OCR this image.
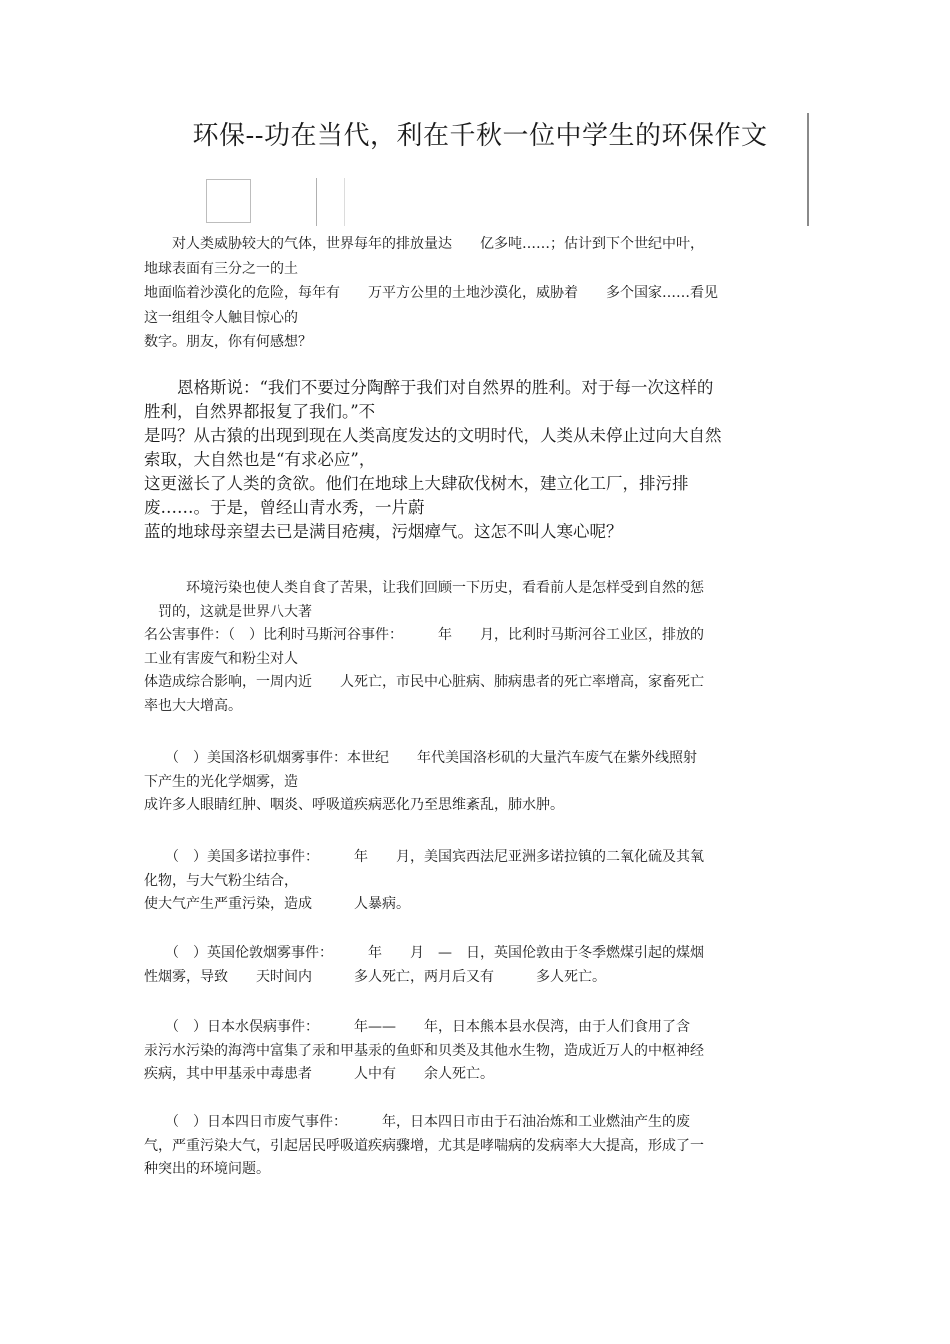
环保--功在当代，利在千秋一位中学生的环保作文
　　对人类威胁较大的气体，世界每年的排放量达　　亿多吨……；估计到下个世纪中叶，
地球表面有三分之一的土
地面临着沙漠化的危险，每年有　　万平方公里的土地沙漠化，威胁着　　多个国家……看见
这一组组令人触目惊心的
数字。朋友，你有何感想？
　　恩格斯说：“我们不要过分陶醉于我们对自然界的胜利。对于每一次这样的
胜利，自然界都报复了我们。”不
是吗？从古猿的出现到现在人类高度发达的文明时代，人类从未停止过向大自然
索取，大自然也是“有求必应”，
这更滋长了人类的贪欲。他们在地球上大肆砍伐树木，建立化工厂，排污排
废……。于是，曾经山青水秀，一片蔚
蓝的地球母亲望去已是满目疮痍，污烟瘴气。这怎不叫人寒心呢？
　　　环境污染也使人类自食了苦果，让我们回顾一下历史，看看前人是怎样受到自然的惩
　罚的，这就是世界八大著
名公害事件：（　）比利时马斯河谷事件：　　　年　　月，比利时马斯河谷工业区，排放的
工业有害废气和粉尘对人
体造成综合影响，一周内近　　人死亡，市民中心脏病、肺病患者的死亡率增高，家畜死亡
率也大大增高。
　　（　）美国洛杉矶烟雾事件：本世纪　　年代美国洛杉矶的大量汽车废气在紫外线照射
下产生的光化学烟雾，造
成许多人眼睛红肿、咽炎、呼吸道疾病恶化乃至思维紊乱，肺水肿。
　　（　）美国多诺拉事件：　　　年　　月，美国宾西法尼亚洲多诺拉镇的二氧化硫及其氧
化物，与大气粉尘结合，
使大气产生严重污染，造成　　　人暴病。
　　（　）英国伦敦烟雾事件：　　　年　　月　—　日，英国伦敦由于冬季燃煤引起的煤烟
性烟雾，导致　　天时间内　　　多人死亡，两月后又有　　　多人死亡。
　　（　）日本水俣病事件：　　　年——　　年，日本熊本县水俣湾，由于人们食用了含
汞污水污染的海湾中富集了汞和甲基汞的鱼虾和贝类及其他水生物，造成近万人的中枢神经
疾病，其中甲基汞中毒患者　　　人中有　　余人死亡。
　　（　）日本四日市废气事件：　　　年，日本四日市由于石油冶炼和工业燃油产生的废
气，严重污染大气，引起居民呼吸道疾病骤增，尤其是哮喘病的发病率大大提高，形成了一
种突出的环境问题。
